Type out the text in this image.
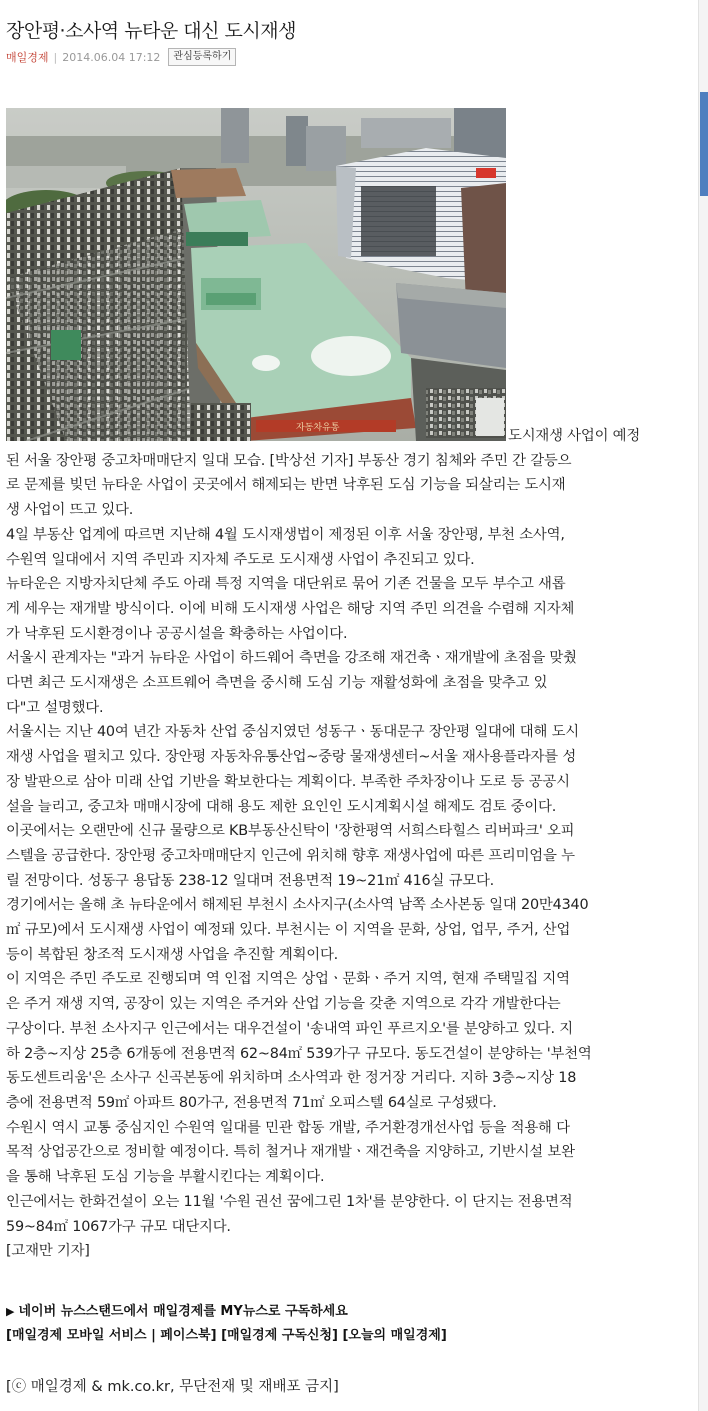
장안평·소사역 뉴타운 대신 도시재생
매일경제 | 2014.06.04 17:12	관심등록하기
자동차유통	도시재생 사업이 예정

된 서울 장안평 중고차매매단지 일대 모습. [박상선 기자] 부동산 경기 침체와 주민 간 갈등으
로 문제를 빚던 뉴타운 사업이 곳곳에서 해제되는 반면 낙후된 도심 기능을 되살리는 도시재
생 사업이 뜨고 있다.

4일 부동산 업계에 따르면 지난해 4월 도시재생법이 제정된 이후 서울 장안평, 부천 소사역,
수원역 일대에서 지역 주민과 지자체 주도로 도시재생 사업이 추진되고 있다.

뉴타운은 지방자치단체 주도 아래 특정 지역을 대단위로 묶어 기존 건물을 모두 부수고 새롭
게 세우는 재개발 방식이다. 이에 비해 도시재생 사업은 해당 지역 주민 의견을 수렴해 지자체
가 낙후된 도시환경이나 공공시설을 확충하는 사업이다.

서울시 관계자는 "과거 뉴타운 사업이 하드웨어 측면을 강조해 재건축ㆍ재개발에 초점을 맞췄
다면 최근 도시재생은 소프트웨어 측면을 중시해 도심 기능 재활성화에 초점을 맞추고 있
다"고 설명했다.

서울시는 지난 40여 년간 자동차 산업 중심지였던 성동구ㆍ동대문구 장안평 일대에 대해 도시
재생 사업을 펼치고 있다. 장안평 자동차유통산업~중랑 물재생센터~서울 재사용플라자를 성
장 발판으로 삼아 미래 산업 기반을 확보한다는 계획이다. 부족한 주차장이나 도로 등 공공시
설을 늘리고, 중고차 매매시장에 대해 용도 제한 요인인 도시계획시설 해제도 검토 중이다.

이곳에서는 오랜만에 신규 물량으로 KB부동산신탁이 '장한평역 서희스타힐스 리버파크' 오피
스텔을 공급한다. 장안평 중고차매매단지 인근에 위치해 향후 재생사업에 따른 프리미엄을 누
릴 전망이다. 성동구 용답동 238-12 일대며 전용면적 19~21㎡ 416실 규모다.

경기에서는 올해 초 뉴타운에서 해제된 부천시 소사지구(소사역 남쪽 소사본동 일대 20만4340
㎡ 규모)에서 도시재생 사업이 예정돼 있다. 부천시는 이 지역을 문화, 상업, 업무, 주거, 산업
등이 복합된 창조적 도시재생 사업을 추진할 계획이다.

이 지역은 주민 주도로 진행되며 역 인접 지역은 상업ㆍ문화ㆍ주거 지역, 현재 주택밀집 지역
은 주거 재생 지역, 공장이 있는 지역은 주거와 산업 기능을 갖춘 지역으로 각각 개발한다는
구상이다. 부천 소사지구 인근에서는 대우건설이 '송내역 파인 푸르지오'를 분양하고 있다. 지
하 2층~지상 25층 6개동에 전용면적 62~84㎡ 539가구 규모다. 동도건설이 분양하는 '부천역
동도센트리움'은 소사구 신곡본동에 위치하며 소사역과 한 정거장 거리다. 지하 3층~지상 18
층에 전용면적 59㎡ 아파트 80가구, 전용면적 71㎡ 오피스텔 64실로 구성됐다.

수원시 역시 교통 중심지인 수원역 일대를 민관 합동 개발, 주거환경개선사업 등을 적용해 다
목적 상업공간으로 정비할 예정이다. 특히 철거나 재개발ㆍ재건축을 지양하고, 기반시설 보완
을 통해 낙후된 도심 기능을 부활시킨다는 계획이다.

인근에서는 한화건설이 오는 11월 '수원 권선 꿈에그린 1차'를 분양한다. 이 단지는 전용면적
59~84㎡ 1067가구 규모 대단지다.

[고재만 기자]

▶ 네이버 뉴스스탠드에서 매일경제를 MY뉴스로 구독하세요
[매일경제 모바일 서비스 | 페이스북] [매일경제 구독신청] [오늘의 매일경제]
[ⓒ 매일경제 & mk.co.kr, 무단전재 및 재배포 금지]
